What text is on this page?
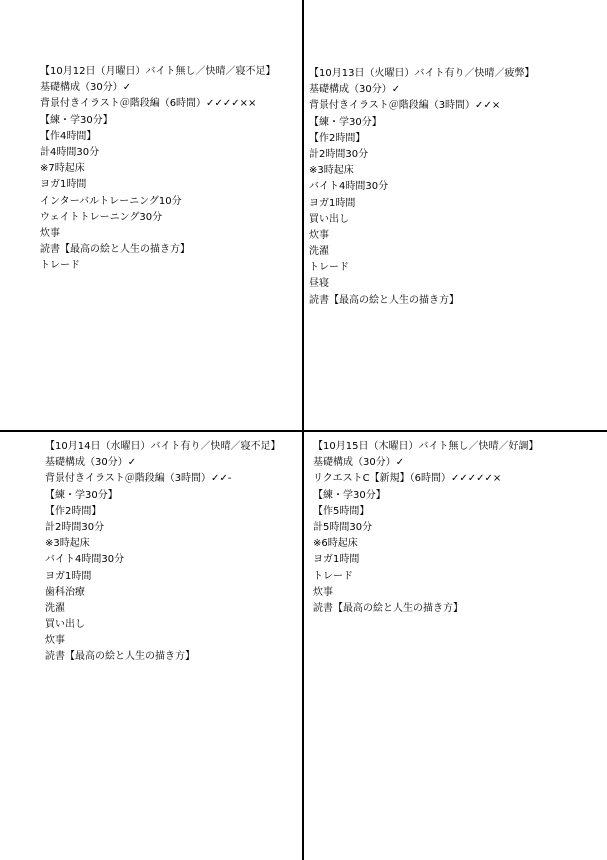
【10月12日（月曜日）バイト無し／快晴／寝不足】
基礎構成（30分）✓
背景付きイラスト＠階段編（6時間）✓✓✓✓××
【練・学30分】
【作4時間】
計4時間30分
※7時起床
ヨガ1時間
インターバルトレーニング10分
ウェイトトレーニング30分
炊事
読書【最高の絵と人生の描き方】
トレード
【10月13日（火曜日）バイト有り／快晴／疲弊】
基礎構成（30分）✓
背景付きイラスト＠階段編（3時間）✓✓×
【練・学30分】
【作2時間】
計2時間30分
※3時起床
バイト4時間30分
ヨガ1時間
買い出し
炊事
洗濯
トレード
昼寝
読書【最高の絵と人生の描き方】
【10月14日（水曜日）バイト有り／快晴／寝不足】
基礎構成（30分）✓
背景付きイラスト＠階段編（3時間）✓✓-
【練・学30分】
【作2時間】
計2時間30分
※3時起床
バイト4時間30分
ヨガ1時間
歯科治療
洗濯
買い出し
炊事
読書【最高の絵と人生の描き方】
【10月15日（木曜日）バイト無し／快晴／好調】
基礎構成（30分）✓
リクエストC【新規】（6時間）✓✓✓✓✓×
【練・学30分】
【作5時間】
計5時間30分
※6時起床
ヨガ1時間
トレード
炊事
読書【最高の絵と人生の描き方】
